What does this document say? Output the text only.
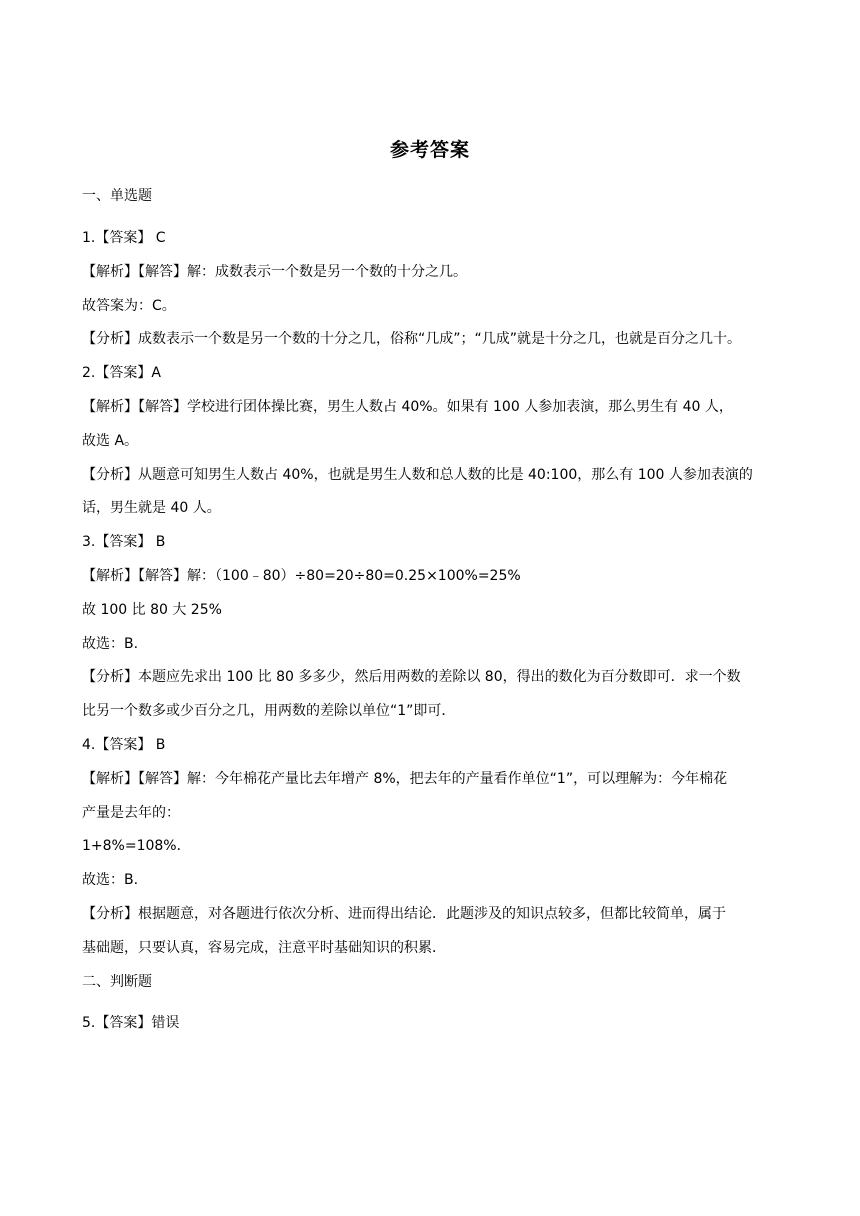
参考答案
一、单选题
1.【答案】 C
【解析】【解答】解：成数表示一个数是另一个数的十分之几。
故答案为：C。
【分析】成数表示一个数是另一个数的十分之几，俗称“几成”；“几成”就是十分之几，也就是百分之几十。
2.【答案】A
【解析】【解答】学校进行团体操比赛，男生人数占 40%。如果有 100 人参加表演，那么男生有 40 人，
故选 A。
【分析】从题意可知男生人数占 40%，也就是男生人数和总人数的比是 40:100，那么有 100 人参加表演的
话，男生就是 40 人。
3.【答案】 B
【解析】【解答】解：（100﹣80）÷80=20÷80=0.25×100%=25%
故 100 比 80 大 25%
故选：B.
【分析】本题应先求出 100 比 80 多多少，然后用两数的差除以 80，得出的数化为百分数即可．求一个数
比另一个数多或少百分之几，用两数的差除以单位“1”即可．
4.【答案】 B
【解析】【解答】解：今年棉花产量比去年增产 8%，把去年的产量看作单位“1”，可以理解为：今年棉花
产量是去年的：
1+8%=108%．
故选：B.
【分析】根据题意，对各题进行依次分析、进而得出结论．此题涉及的知识点较多，但都比较简单，属于
基础题，只要认真，容易完成，注意平时基础知识的积累．
二、判断题
5.【答案】错误
